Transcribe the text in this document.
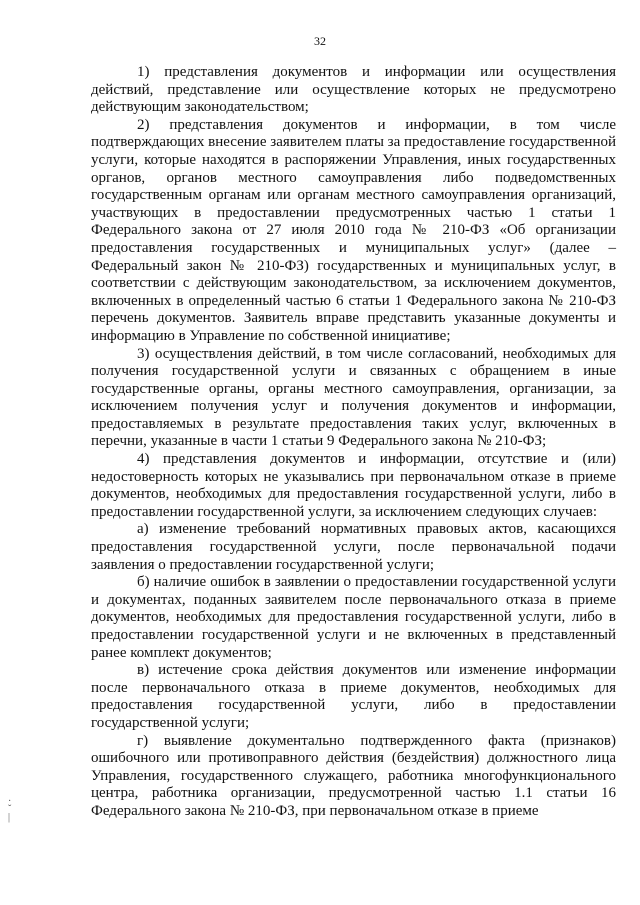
32

1) представления документов и информации или осуществления действий, представление или осуществление которых не предусмотрено действующим законодательством;

2) представления документов и информации, в том числе подтверждающих внесение заявителем платы за предоставление государственной услуги, которые находятся в распоряжении Управления, иных государственных органов, органов местного самоуправления либо подведомственных государственным органам или органам местного самоуправления организаций, участвующих в предоставлении предусмотренных частью 1 статьи 1 Федерального закона от 27 июля 2010 года № 210-ФЗ «Об организации предоставления государственных и муниципальных услуг» (далее – Федеральный закон № 210-ФЗ) государственных и муниципальных услуг, в соответствии с действующим законодательством, за исключением документов, включенных в определенный частью 6 статьи 1 Федерального закона № 210-ФЗ перечень документов. Заявитель вправе представить указанные документы и информацию в Управление по собственной инициативе;

3) осуществления действий, в том числе согласований, необходимых для получения государственной услуги и связанных с обращением в иные государственные органы, органы местного самоуправления, организации, за исключением получения услуг и получения документов и информации, предоставляемых в результате предоставления таких услуг, включенных в перечни, указанные в части 1 статьи 9 Федерального закона № 210-ФЗ;

4) представления документов и информации, отсутствие и (или) недостоверность которых не указывались при первоначальном отказе в приеме документов, необходимых для предоставления государственной услуги, либо в предоставлении государственной услуги, за исключением следующих случаев:

а) изменение требований нормативных правовых актов, касающихся предоставления государственной услуги, после первоначальной подачи заявления о предоставлении государственной услуги;

б) наличие ошибок в заявлении о предоставлении государственной услуги и документах, поданных заявителем после первоначального отказа в приеме документов, необходимых для предоставления государственной услуги, либо в предоставлении государственной услуги и не включенных в представленный ранее комплект документов;

в) истечение срока действия документов или изменение информации после первоначального отказа в приеме документов, необходимых для предоставления государственной услуги, либо в предоставлении государственной услуги;

г) выявление документально подтвержденного факта (признаков) ошибочного или противоправного действия (бездействия) должностного лица Управления, государственного служащего, работника многофункционального центра, работника организации, предусмотренной частью 1.1 статьи 16 Федерального закона № 210-ФЗ, при первоначальном отказе в приеме

·
ˇ
|
